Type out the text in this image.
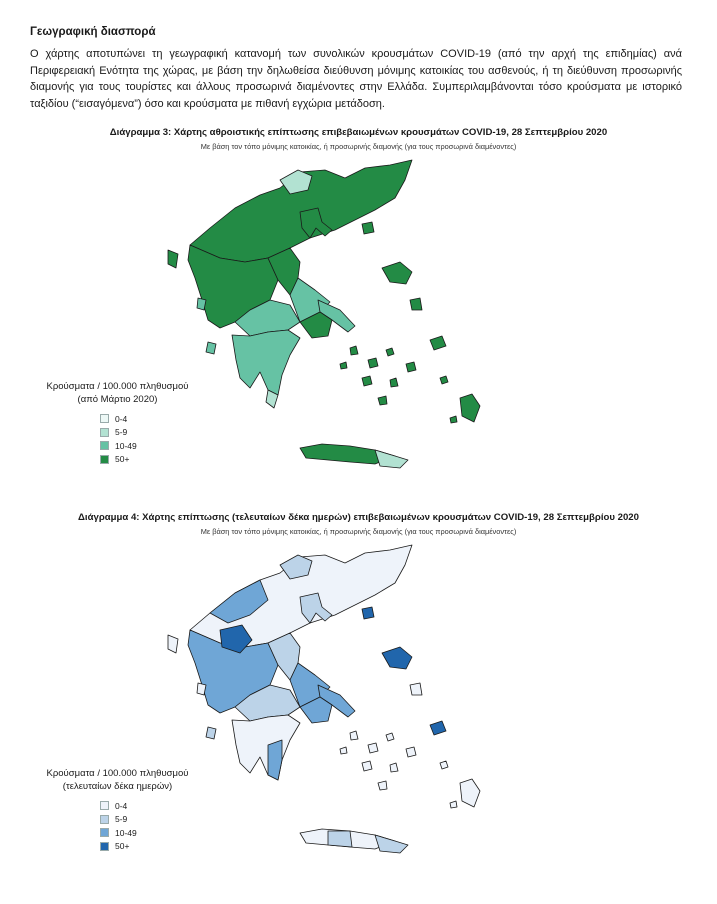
Γεωγραφική διασπορά

Ο χάρτης αποτυπώνει τη γεωγραφική κατανομή των συνολικών κρουσμάτων COVID-19 (από την αρχή της επιδημίας) ανά Περιφερειακή Ενότητα της χώρας, με βάση την δηλωθείσα διεύθυνση μόνιμης κατοικίας του ασθενούς, ή τη διεύθυνση προσωρινής διαμονής για τους τουρίστες και άλλους προσωρινά διαμένοντες στην Ελλάδα. Συμπεριλαμβάνονται τόσο κρούσματα με ιστορικό ταξιδίου (“εισαγόμενα”) όσο και κρούσματα με πιθανή εγχώρια μετάδοση.

Διάγραμμα 3: Χάρτης αθροιστικής επίπτωσης επιβεβαιωμένων κρουσμάτων COVID-19, 28 Σεπτεμβρίου 2020
Με βάση τον τόπο μόνιμης κατοικίας, ή προσωρινής διαμονής (για τους προσωρινά διαμένοντες)
Κρούσματα / 100.000 πληθυσμού
(από Μάρτιο 2020)
0-4
5-9
10-49
50+
Διάγραμμα 4: Χάρτης επίπτωσης (τελευταίων δέκα ημερών) επιβεβαιωμένων κρουσμάτων COVID-19, 28 Σεπτεμβρίου 2020
Με βάση τον τόπο μόνιμης κατοικίας, ή προσωρινής διαμονής (για τους προσωρινά διαμένοντες)
Κρούσματα / 100.000 πληθυσμού
(τελευταίων δέκα ημερών)
0-4
5-9
10-49
50+
